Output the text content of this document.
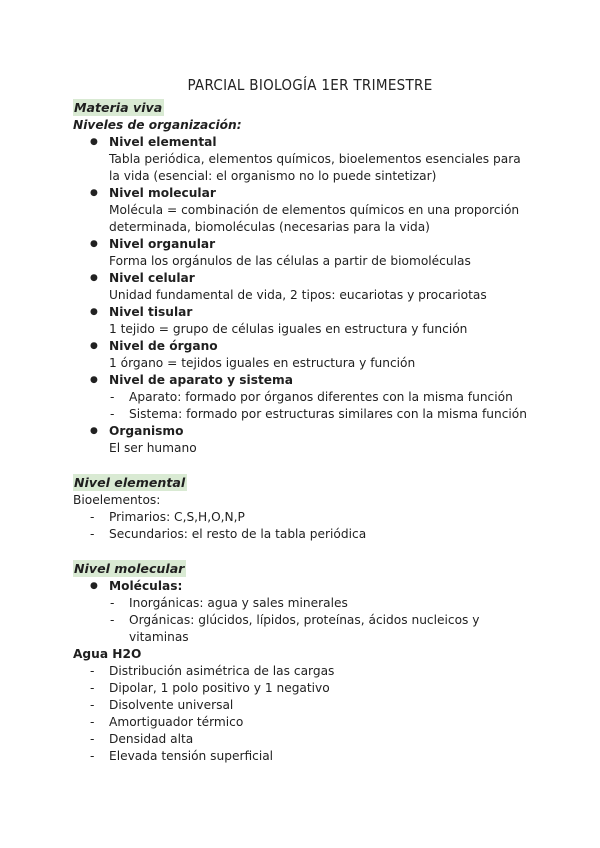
PARCIAL BIOLOGÍA 1ER TRIMESTRE
Materia viva
Niveles de organización:
● Nivel elemental
Tabla periódica, elementos químicos, bioelementos esenciales para la vida (esencial: el organismo no lo puede sintetizar)
● Nivel molecular
Molécula = combinación de elementos químicos en una proporción determinada, biomoléculas (necesarias para la vida)
● Nivel organular
Forma los orgánulos de las células a partir de biomoléculas
● Nivel celular
Unidad fundamental de vida, 2 tipos: eucariotas y procariotas
● Nivel tisular
1 tejido = grupo de células iguales en estructura y función
● Nivel de órgano
1 órgano = tejidos iguales en estructura y función
● Nivel de aparato y sistema
- Aparato: formado por órganos diferentes con la misma función
- Sistema: formado por estructuras similares con la misma función
● Organismo
El ser humano
Nivel elemental
Bioelementos:
- Primarios: C,S,H,O,N,P
- Secundarios: el resto de la tabla periódica
Nivel molecular
● Moléculas:
- Inorgánicas: agua y sales minerales
- Orgánicas: glúcidos, lípidos, proteínas, ácidos nucleicos y vitaminas
Agua H2O
- Distribución asimétrica de las cargas
- Dipolar, 1 polo positivo y 1 negativo
- Disolvente universal
- Amortiguador térmico
- Densidad alta
- Elevada tensión superficial
